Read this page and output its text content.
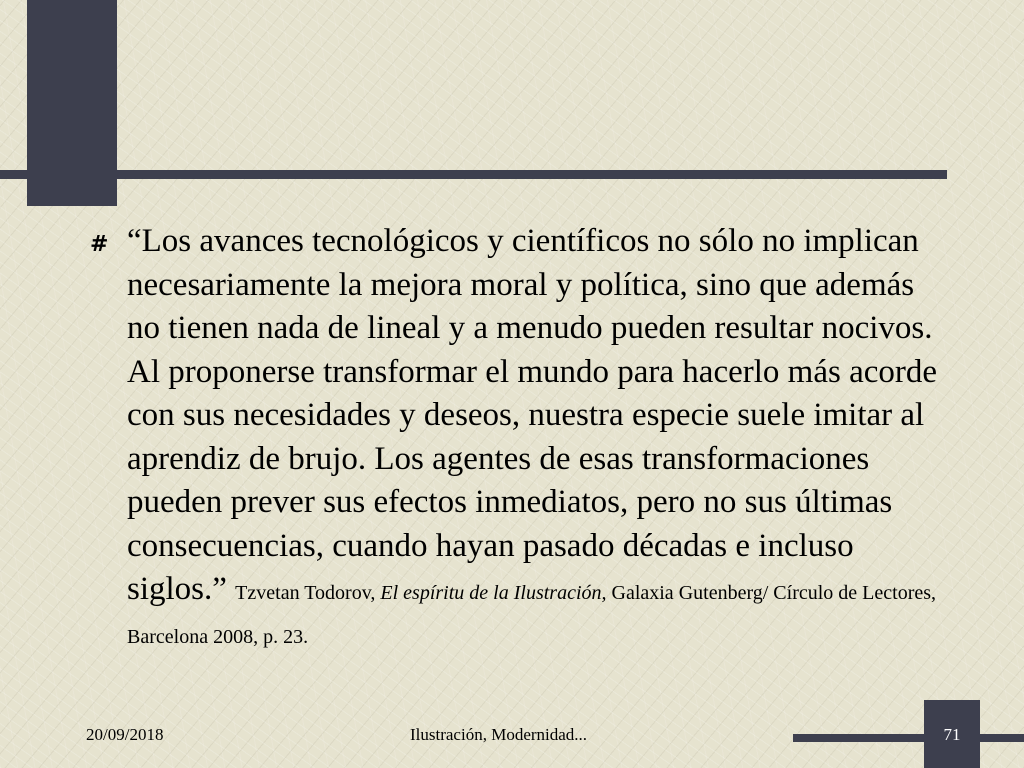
# “Los avances tecnológicos y científicos no sólo no implican necesariamente la mejora moral y política, sino que además no tienen nada de lineal y a menudo pueden resultar nocivos. Al proponerse transformar el mundo para hacerlo más acorde con sus necesidades y deseos, nuestra especie suele imitar al aprendiz de brujo. Los agentes de esas transformaciones pueden prever sus efectos inmediatos, pero no sus últimas consecuencias, cuando hayan pasado décadas e incluso siglos.” Tzvetan Todorov, El espíritu de la Ilustración, Galaxia Gutenberg/ Círculo de Lectores, Barcelona 2008, p. 23.
20/09/2018	Ilustración, Modernidad...	71
